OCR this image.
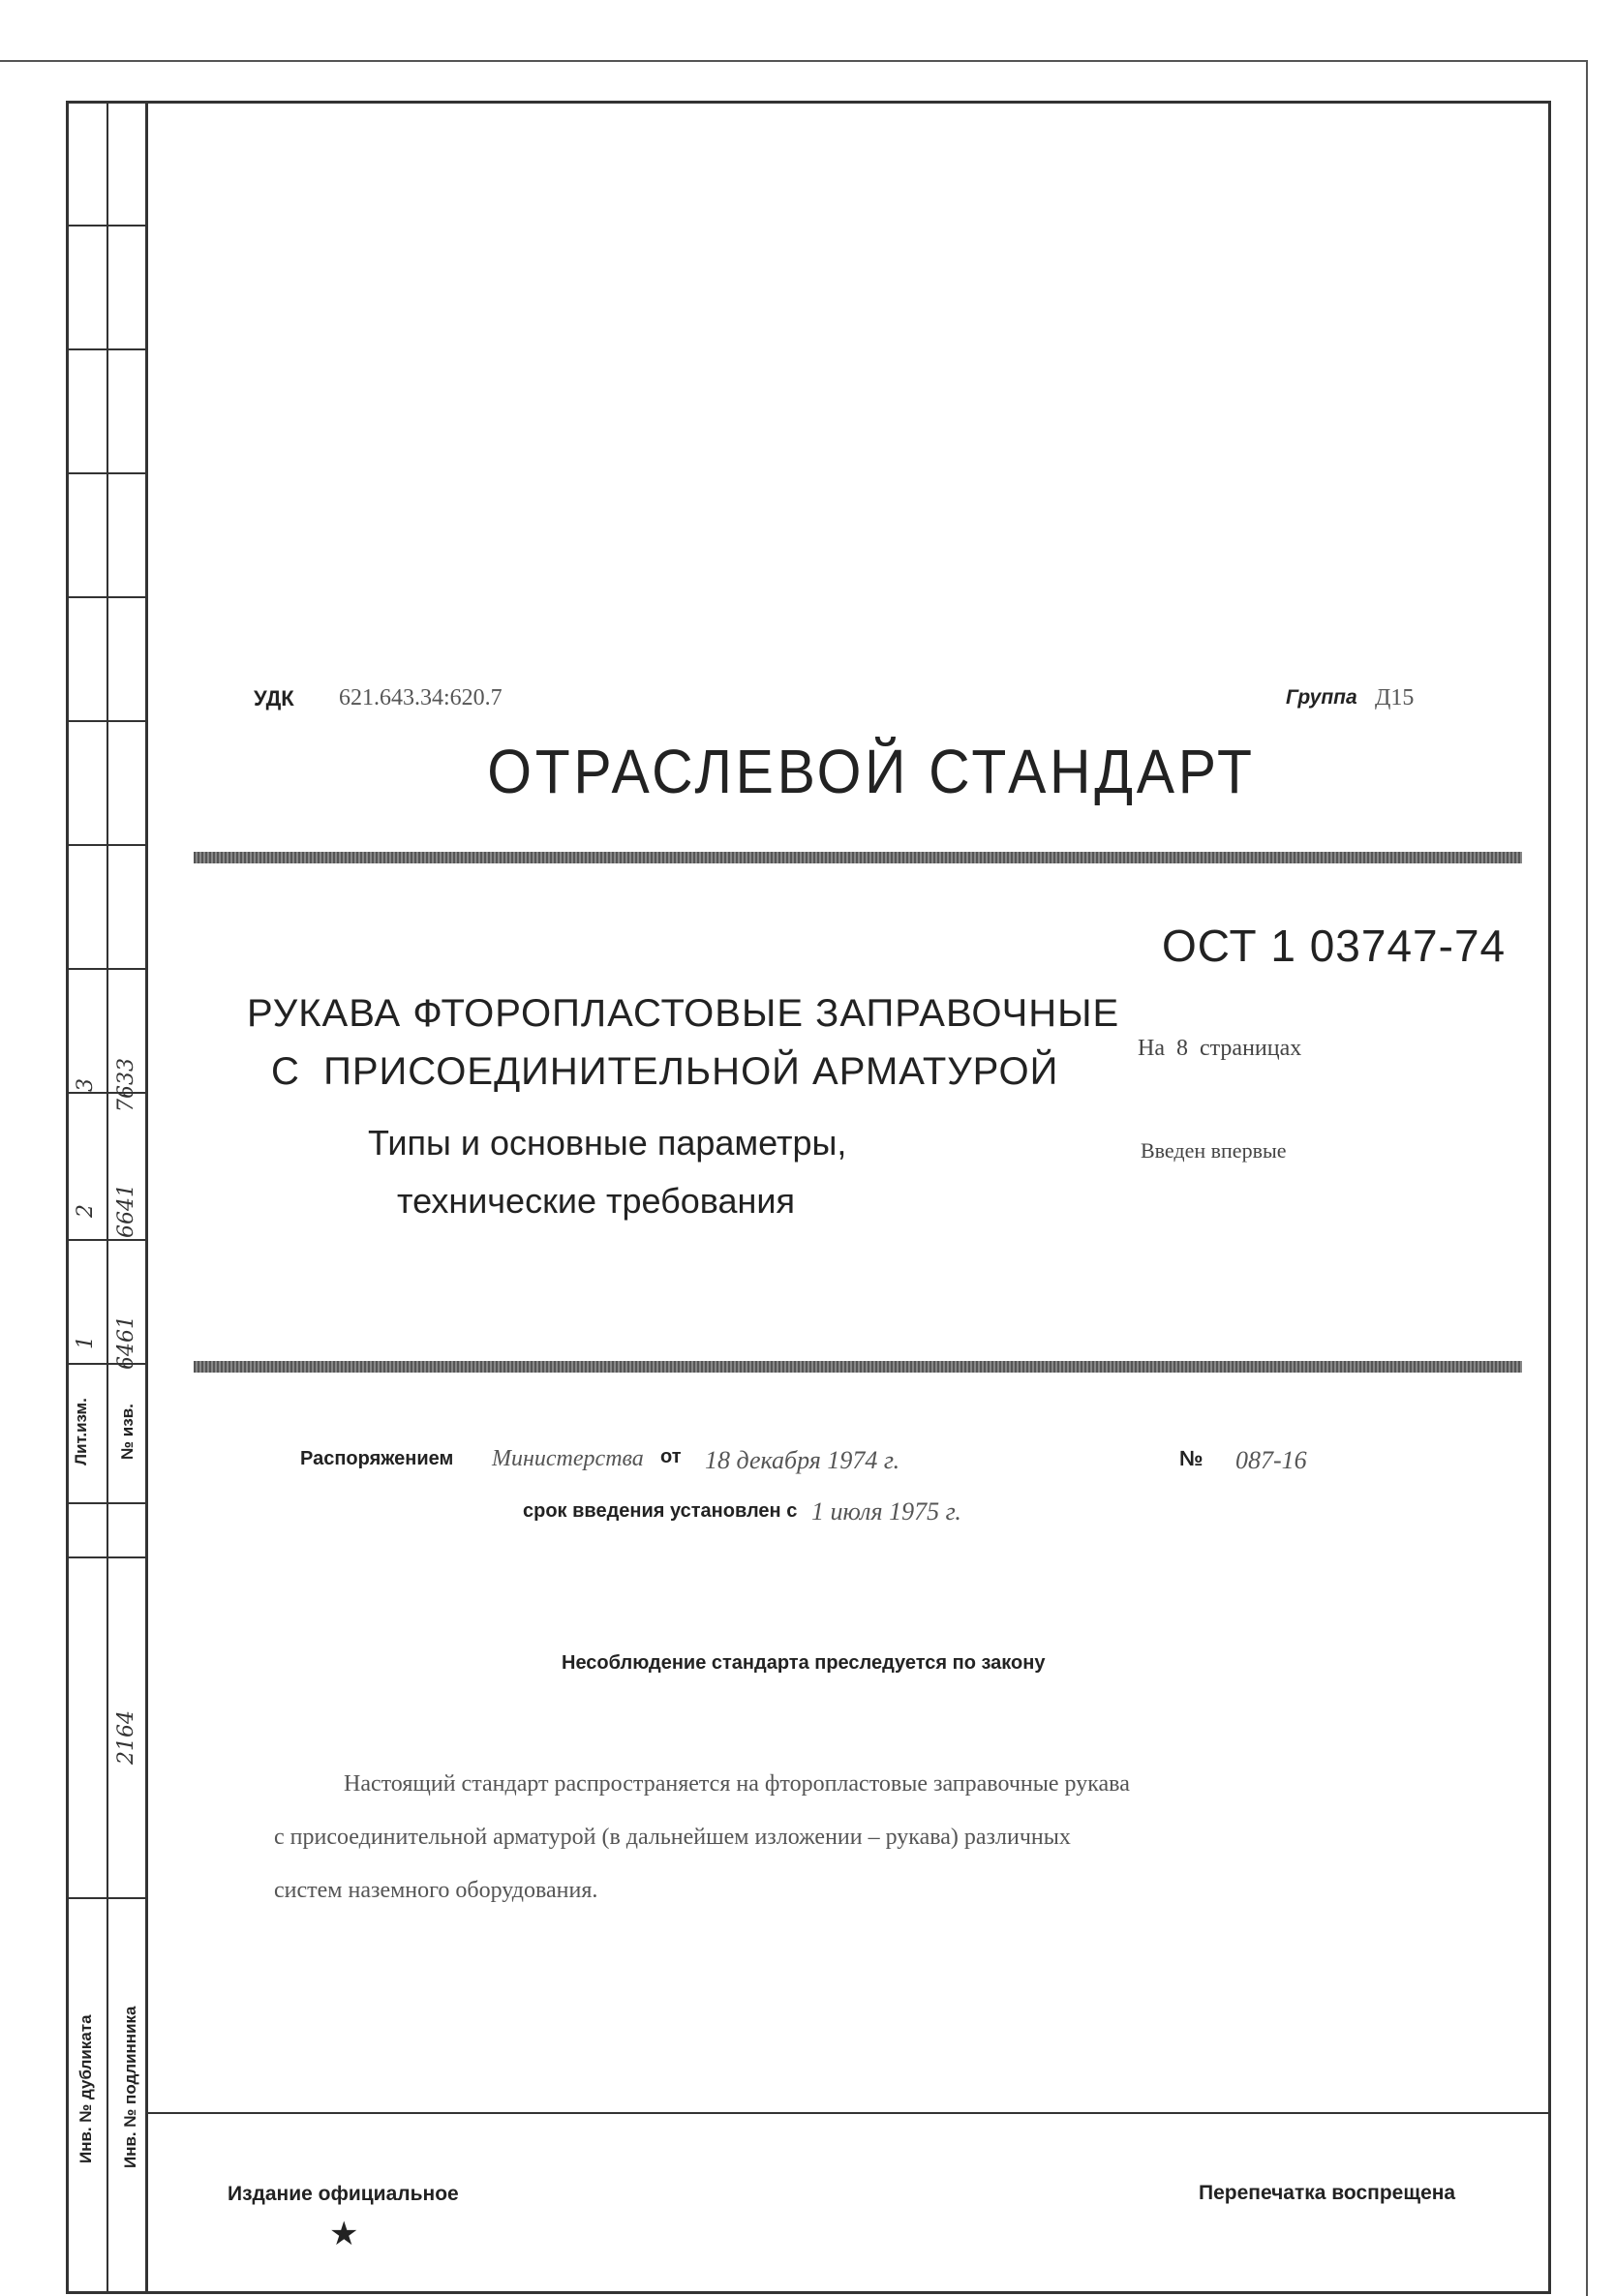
3
2
1
7633
6641
6461
Лит.изм. № изв.
2164
Инв. № дубликата Инв. № подлинника
УДК 621.643.34:620.7	Группа Д15
ОТРАСЛЕВОЙ СТАНДАРТ
ОСТ 1 03747-74
РУКАВА ФТОРОПЛАСТОВЫЕ ЗАПРАВОЧНЫЕ
С  ПРИСОЕДИНИТЕЛЬНОЙ АРМАТУРОЙ
Типы и основные параметры,
технические требования
На  8  страницах
Введен впервые
Распоряжением Министерства от 18 декабря 1974 г.	№ 087-16
срок введения установлен с 1 июля 1975 г.
Несоблюдение стандарта преследуется по закону
Настоящий стандарт распространяется на фторопластовые заправочные рукава
с присоединительной арматурой (в дальнейшем изложении – рукава) различных
систем наземного оборудования.
Издание официальное
★
Перепечатка воспрещена
